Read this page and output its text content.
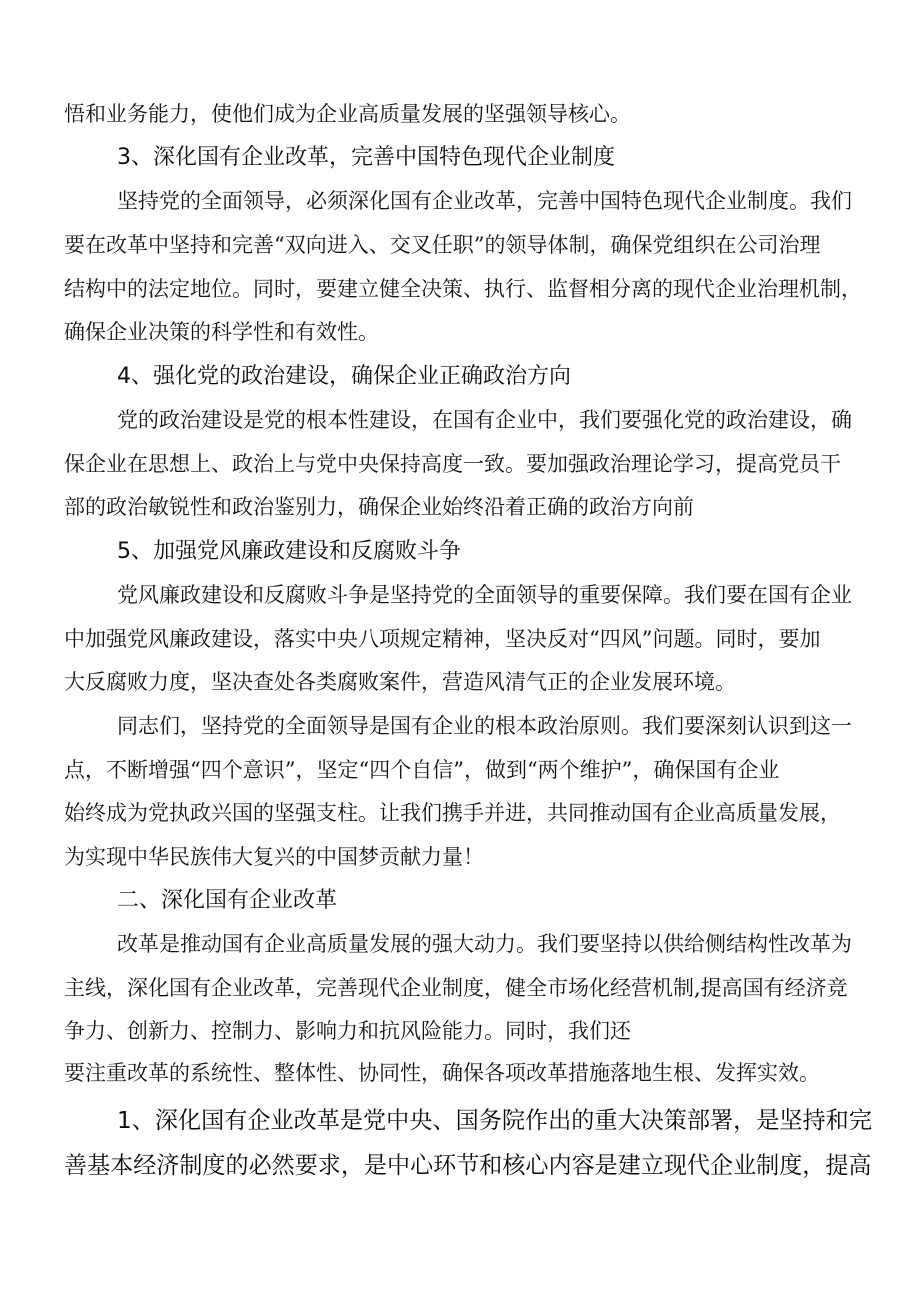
悟和业务能力，使他们成为企业高质量发展的坚强领导核心。
3、深化国有企业改革，完善中国特色现代企业制度
坚持党的全面领导，必须深化国有企业改革，完善中国特色现代企业制度。我们
要在改革中坚持和完善“双向进入、交叉任职”的领导体制，确保党组织在公司治理
结构中的法定地位。同时，要建立健全决策、执行、监督相分离的现代企业治理机制，
确保企业决策的科学性和有效性。
4、强化党的政治建设，确保企业正确政治方向
党的政治建设是党的根本性建设，在国有企业中，我们要强化党的政治建设，确
保企业在思想上、政治上与党中央保持高度一致。要加强政治理论学习，提高党员干
部的政治敏锐性和政治鉴别力，确保企业始终沿着正确的政治方向前
5、加强党风廉政建设和反腐败斗争
党风廉政建设和反腐败斗争是坚持党的全面领导的重要保障。我们要在国有企业
中加强党风廉政建设，落实中央八项规定精神，坚决反对“四风”问题。同时，要加
大反腐败力度，坚决查处各类腐败案件，营造风清气正的企业发展环境。
同志们，坚持党的全面领导是国有企业的根本政治原则。我们要深刻认识到这一
点，不断增强“四个意识”，坚定“四个自信”，做到“两个维护”，确保国有企业
始终成为党执政兴国的坚强支柱。让我们携手并进，共同推动国有企业高质量发展，
为实现中华民族伟大复兴的中国梦贡献力量！
二、深化国有企业改革
改革是推动国有企业高质量发展的强大动力。我们要坚持以供给侧结构性改革为
主线，深化国有企业改革，完善现代企业制度，健全市场化经营机制,提高国有经济竞
争力、创新力、控制力、影响力和抗风险能力。同时，我们还
要注重改革的系统性、整体性、协同性，确保各项改革措施落地生根、发挥实效。
1、深化国有企业改革是党中央、国务院作出的重大决策部署，是坚持和完
善基本经济制度的必然要求，是中心环节和核心内容是建立现代企业制度，提高
